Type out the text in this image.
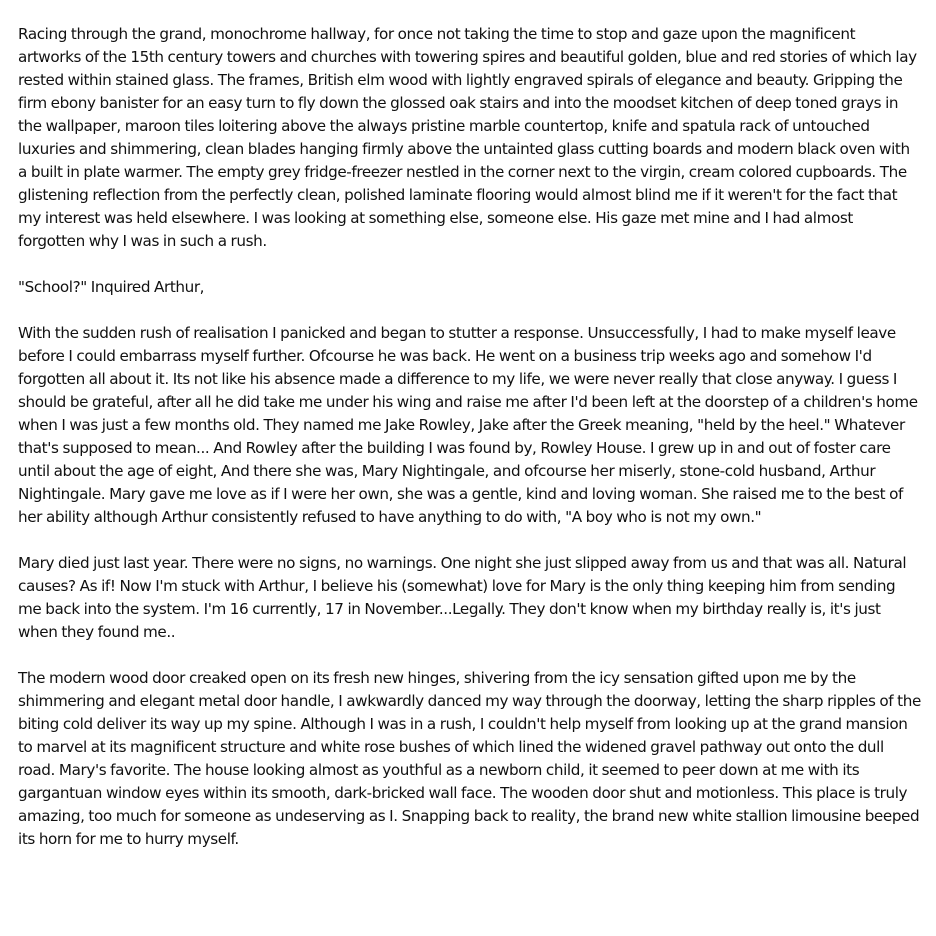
Racing through the grand, monochrome hallway, for once not taking the time to stop and gaze upon the magnificent artworks of the 15th century towers and churches with towering spires and beautiful golden, blue and red stories of which lay rested within stained glass. The frames, British elm wood with lightly engraved spirals of elegance and beauty. Gripping the firm ebony banister for an easy turn to fly down the glossed oak stairs and into the moodset kitchen of deep toned grays in the wallpaper, maroon tiles loitering above the always pristine marble countertop, knife and spatula rack of untouched luxuries and shimmering, clean blades hanging firmly above the untainted glass cutting boards and modern black oven with a built in plate warmer. The empty grey fridge-freezer nestled in the corner next to the virgin, cream colored cupboards. The glistening reflection from the perfectly clean, polished laminate flooring would almost blind me if it weren't for the fact that my interest was held elsewhere. I was looking at something else, someone else. His gaze met mine and I had almost forgotten why I was in such a rush.

"School?" Inquired Arthur,

With the sudden rush of realisation I panicked and began to stutter a response. Unsuccessfully, I had to make myself leave before I could embarrass myself further. Ofcourse he was back. He went on a business trip weeks ago and somehow I'd forgotten all about it. Its not like his absence made a difference to my life, we were never really that close anyway. I guess I should be grateful, after all he did take me under his wing and raise me after I'd been left at the doorstep of a children's home when I was just a few months old. They named me Jake Rowley, Jake after the Greek meaning, "held by the heel." Whatever that's supposed to mean... And Rowley after the building I was found by, Rowley House. I grew up in and out of foster care until about the age of eight, And there she was, Mary Nightingale, and ofcourse her miserly, stone-cold husband, Arthur Nightingale. Mary gave me love as if I were her own, she was a gentle, kind and loving woman. She raised me to the best of her ability although Arthur consistently refused to have anything to do with, "A boy who is not my own."

Mary died just last year. There were no signs, no warnings. One night she just slipped away from us and that was all. Natural causes? As if! Now I'm stuck with Arthur, I believe his (somewhat) love for Mary is the only thing keeping him from sending me back into the system. I'm 16 currently, 17 in November...Legally. They don't know when my birthday really is, it's just when they found me..

The modern wood door creaked open on its fresh new hinges, shivering from the icy sensation gifted upon me by the shimmering and elegant metal door handle, I awkwardly danced my way through the doorway, letting the sharp ripples of the biting cold deliver its way up my spine. Although I was in a rush, I couldn't help myself from looking up at the grand mansion to marvel at its magnificent structure and white rose bushes of which lined the widened gravel pathway out onto the dull road. Mary's favorite. The house looking almost as youthful as a newborn child, it seemed to peer down at me with its gargantuan window eyes within its smooth, dark-bricked wall face. The wooden door shut and motionless. This place is truly amazing, too much for someone as undeserving as I. Snapping back to reality, the brand new white stallion limousine beeped its horn for me to hurry myself.
